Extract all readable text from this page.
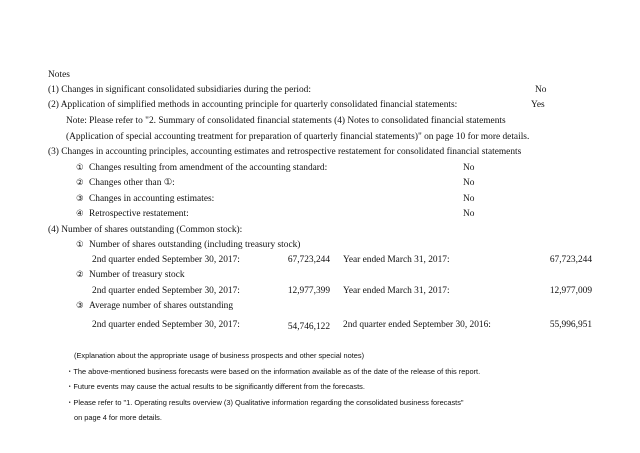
Notes
(1) Changes in significant consolidated subsidiaries during the period:	No
(2) Application of simplified methods in accounting principle for quarterly consolidated financial statements:	Yes
Note: Please refer to "2. Summary of consolidated financial statements (4) Notes to consolidated financial statements
(Application of special accounting treatment for preparation of quarterly financial statements)" on page 10 for more details.
(3) Changes in accounting principles, accounting estimates and retrospective restatement for consolidated financial statements
① Changes resulting from amendment of the accounting standard:	No
② Changes other than ①:	No
③ Changes in accounting estimates:	No
④ Retrospective restatement:	No
(4) Number of shares outstanding (Common stock):
① Number of shares outstanding (including treasury stock)
2nd quarter ended September 30, 2017:	67,723,244 Year ended March 31, 2017:	67,723,244
② Number of treasury stock
2nd quarter ended September 30, 2017:	12,977,399 Year ended March 31, 2017:	12,977,009
③ Average number of shares outstanding
2nd quarter ended September 30, 2017:	54,746,122 2nd quarter ended September 30, 2016:	55,996,951
(Explanation about the appropriate usage of business prospects and other special notes)
・The above-mentioned business forecasts were based on the information available as of the date of the release of this report.
・Future events may cause the actual results to be significantly different from the forecasts.
・Please refer to "1. Operating results overview (3) Qualitative information regarding the consolidated business forecasts"
on page 4 for more details.
